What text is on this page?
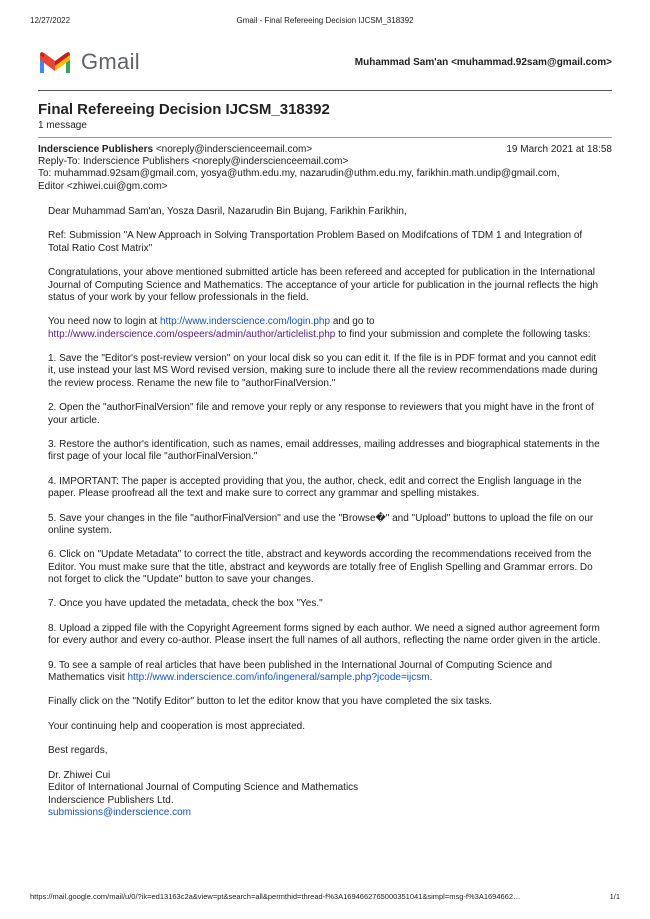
12/27/2022	Gmail - Final Refereeing Decision IJCSM_318392
Gmail	Muhammad Sam'an <muhammad.92sam@gmail.com>
Final Refereeing Decision IJCSM_318392
1 message
Inderscience Publishers <noreply@inderscienceemail.com>	19 March 2021 at 18:58
Reply-To: Inderscience Publishers <noreply@inderscienceemail.com>
To: muhammad.92sam@gmail.com, yosya@uthm.edu.my, nazarudin@uthm.edu.my, farikhin.math.undip@gmail.com,
Editor <zhiwei.cui@gm.com>

Dear Muhammad Sam'an, Yosza Dasril, Nazarudin Bin Bujang, Farikhin Farikhin,

Ref: Submission "A New Approach in Solving Transportation Problem Based on Modifcations of TDM 1 and Integration of Total Ratio Cost Matrix"

Congratulations, your above mentioned submitted article has been refereed and accepted for publication in the International Journal of Computing Science and Mathematics. The acceptance of your article for publication in the journal reflects the high status of your work by your fellow professionals in the field.

You need now to login at http://www.inderscience.com/login.php and go to http://www.inderscience.com/ospeers/admin/author/articlelist.php to find your submission and complete the following tasks:

1. Save the "Editor's post-review version" on your local disk so you can edit it. If the file is in PDF format and you cannot edit it, use instead your last MS Word revised version, making sure to include there all the review recommendations made during the review process. Rename the new file to "authorFinalVersion."

2. Open the "authorFinalVersion" file and remove your reply or any response to reviewers that you might have in the front of your article.

3. Restore the author's identification, such as names, email addresses, mailing addresses and biographical statements in the first page of your local file "authorFinalVersion."

4. IMPORTANT: The paper is accepted providing that you, the author, check, edit and correct the English language in the paper. Please proofread all the text and make sure to correct any grammar and spelling mistakes.

5. Save your changes in the file "authorFinalVersion" and use the "Browse�" and "Upload" buttons to upload the file on our online system.

6. Click on "Update Metadata" to correct the title, abstract and keywords according the recommendations received from the Editor. You must make sure that the title, abstract and keywords are totally free of English Spelling and Grammar errors. Do not forget to click the "Update" button to save your changes.

7. Once you have updated the metadata, check the box "Yes."

8. Upload a zipped file with the Copyright Agreement forms signed by each author. We need a signed author agreement form for every author and every co-author. Please insert the full names of all authors, reflecting the name order given in the article.

9. To see a sample of real articles that have been published in the International Journal of Computing Science and Mathematics visit http://www.inderscience.com/info/ingeneral/sample.php?jcode=ijcsm.

Finally click on the "Notify Editor" button to let the editor know that you have completed the six tasks.

Your continuing help and cooperation is most appreciated.

Best regards,

Dr. Zhiwei Cui
Editor of International Journal of Computing Science and Mathematics
Inderscience Publishers Ltd.
submissions@inderscience.com
https://mail.google.com/mail/u/0/?ik=ed13163c2a&view=pt&search=all&permthid=thread-f%3A1694662765000351041&simpl=msg-f%3A1694662…	1/1
